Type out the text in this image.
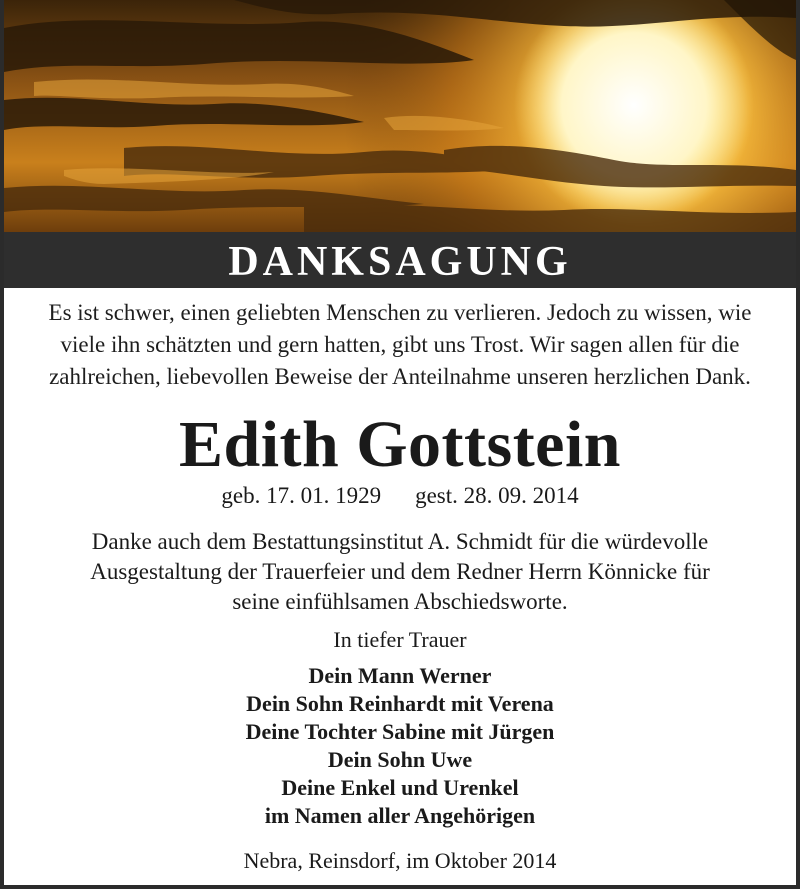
DANKSAGUNG
Es ist schwer, einen geliebten Menschen zu verlieren. Jedoch zu wissen, wie
viele ihn schätzten und gern hatten, gibt uns Trost. Wir sagen allen für die
zahlreichen, liebevollen Beweise der Anteilnahme unseren herzlichen Dank.
Edith Gottstein
geb. 17. 01. 1929 gest. 28. 09. 2014
Danke auch dem Bestattungsinstitut A. Schmidt für die würdevolle
Ausgestaltung der Trauerfeier und dem Redner Herrn Könnicke für
seine einfühlsamen Abschiedsworte.
In tiefer Trauer
Dein Mann Werner
Dein Sohn Reinhardt mit Verena
Deine Tochter Sabine mit Jürgen
Dein Sohn Uwe
Deine Enkel und Urenkel
im Namen aller Angehörigen
Nebra, Reinsdorf, im Oktober 2014
